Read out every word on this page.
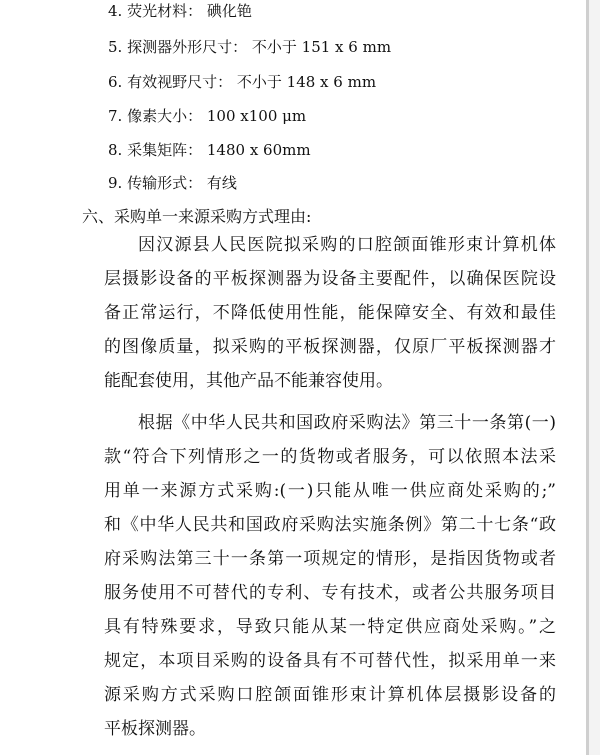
4. 荧光材料： 碘化铯
5. 探测器外形尺寸： 不小于 151 x 6 mm
6. 有效视野尺寸： 不小于 148 x 6 mm
7. 像素大小： 100 x100 μm
8. 采集矩阵： 1480 x 60mm
9. 传输形式： 有线
六、采购单一来源采购方式理由:
因汉源县人民医院拟采购的口腔颌面锥形束计算机体
层摄影设备的平板探测器为设备主要配件，以确保医院设
备正常运行，不降低使用性能，能保障安全、有效和最佳
的图像质量，拟采购的平板探测器，仅原厂平板探测器才
能配套使用，其他产品不能兼容使用。
根据《中华人民共和国政府采购法》第三十一条第(一)
款“符合下列情形之一的货物或者服务，可以依照本法采
用单一来源方式采购:(一)只能从唯一供应商处采购的;”
和《中华人民共和国政府采购法实施条例》第二十七条“政
府采购法第三十一条第一项规定的情形，是指因货物或者
服务使用不可替代的专利、专有技术，或者公共服务项目
具有特殊要求，导致只能从某一特定供应商处采购。”之
规定，本项目采购的设备具有不可替代性，拟采用单一来
源采购方式采购口腔颌面锥形束计算机体层摄影设备的
平板探测器。
